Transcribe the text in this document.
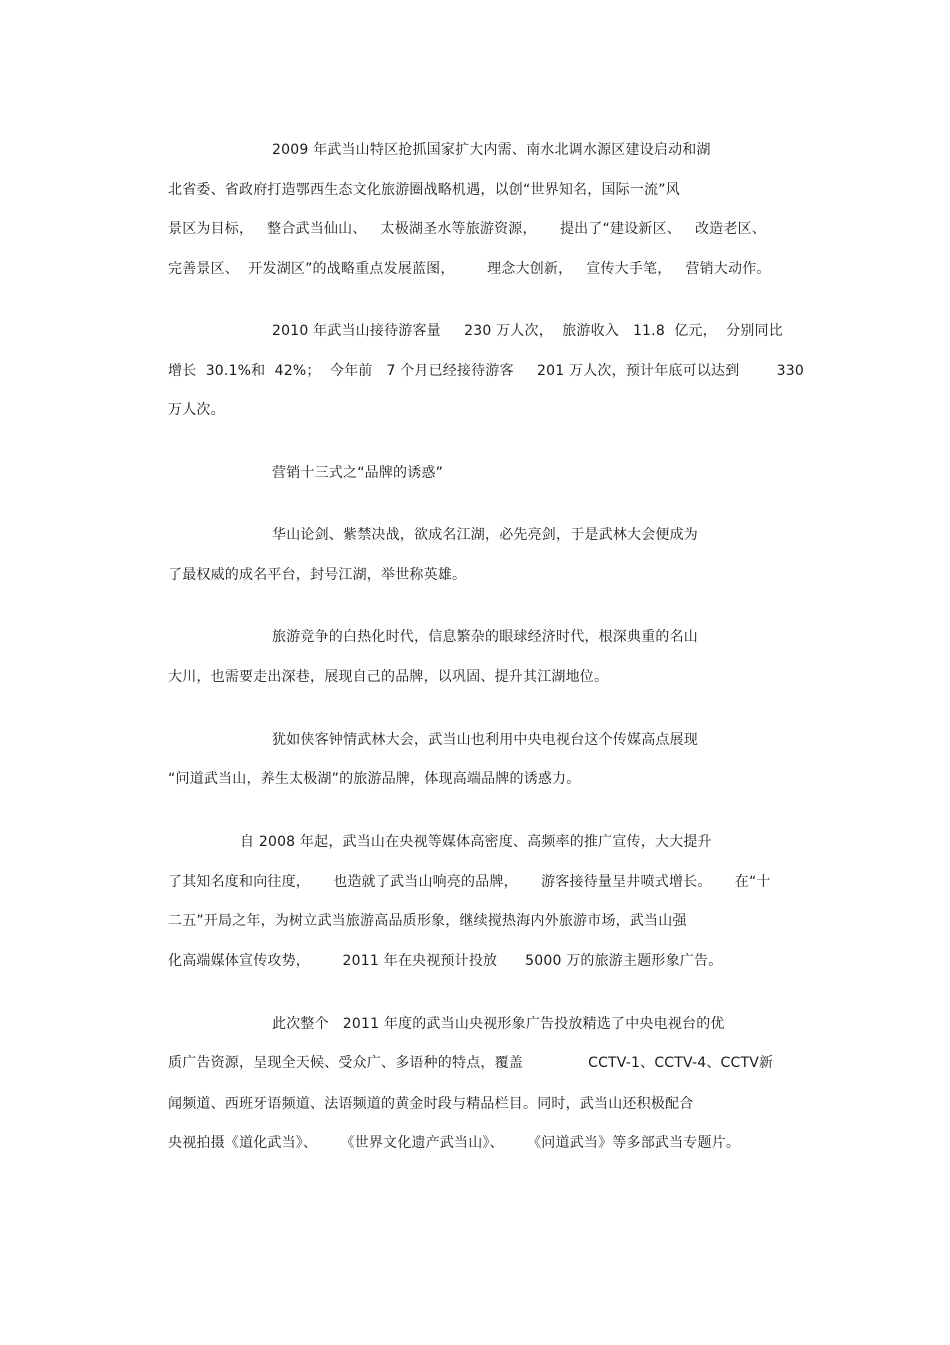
2009 年武当山特区抢抓国家扩大内需、南水北调水源区建设启动和湖
北省委、省政府打造鄂西生态文化旅游圈战略机遇，以创“世界知名，国际一流”风
景区为目标，   整合武当仙山、   太极湖圣水等旅游资源，     提出了“建设新区、   改造老区、
完善景区、  开发湖区”的战略重点发展蓝图，       理念大创新，   宣传大手笔，   营销大动作。
2010 年武当山接待游客量     230 万人次，  旅游收入   11.8  亿元，  分别同比
增长  30.1%和  42%；  今年前   7 个月已经接待游客     201 万人次，预计年底可以达到        330
万人次。
营销十三式之“品牌的诱惑”
华山论剑、紫禁决战，欲成名江湖，必先亮剑，于是武林大会便成为
了最权威的成名平台，封号江湖，举世称英雄。
旅游竞争的白热化时代，信息繁杂的眼球经济时代，根深典重的名山
大川，也需要走出深巷，展现自己的品牌，以巩固、提升其江湖地位。
犹如侠客钟情武林大会，武当山也利用中央电视台这个传媒高点展现
“问道武当山，养生太极湖”的旅游品牌，体现高端品牌的诱惑力。
自 2008 年起，武当山在央视等媒体高密度、高频率的推广宣传，大大提升
了其知名度和向往度，     也造就了武当山响亮的品牌，     游客接待量呈井喷式增长。     在“十
二五”开局之年，为树立武当旅游高品质形象，继续搅热海内外旅游市场，武当山强
化高端媒体宣传攻势，       2011 年在央视预计投放      5000 万的旅游主题形象广告。
此次整个   2011 年度的武当山央视形象广告投放精选了中央电视台的优
质广告资源，呈现全天候、受众广、多语种的特点，覆盖              CCTV-1、CCTV-4、CCTV新
闻频道、西班牙语频道、法语频道的黄金时段与精品栏目。同时，武当山还积极配合
央视拍摄《道化武当》、     《世界文化遗产武当山》、     《问道武当》等多部武当专题片。
